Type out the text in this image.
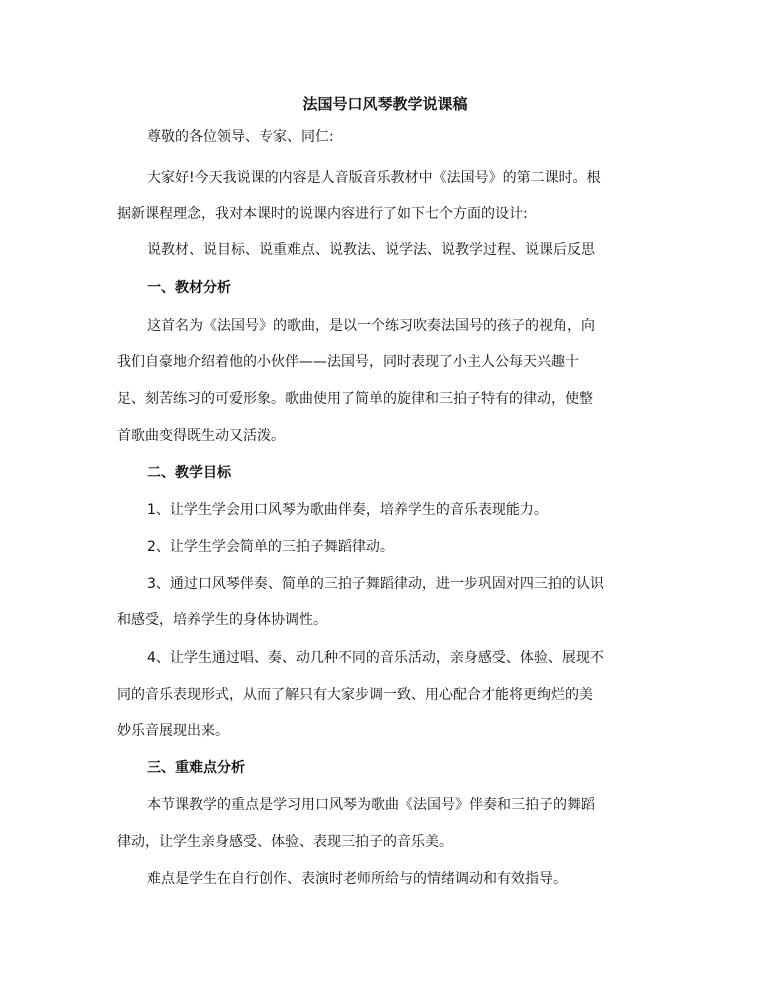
法国号口风琴教学说课稿
尊敬的各位领导、专家、同仁:
大家好!今天我说课的内容是人音版音乐教材中《法国号》的第二课时。根
据新课程理念，我对本课时的说课内容进行了如下七个方面的设计:
说教材、说目标、说重难点、说教法、说学法、说教学过程、说课后反思
一、教材分析
这首名为《法国号》的歌曲，是以一个练习吹奏法国号的孩子的视角，向
我们自豪地介绍着他的小伙伴——法国号，同时表现了小主人公每天兴趣十
足、刻苦练习的可爱形象。歌曲使用了简单的旋律和三拍子特有的律动，使整
首歌曲变得既生动又活泼。
二、教学目标
1、让学生学会用口风琴为歌曲伴奏，培养学生的音乐表现能力。
2、让学生学会简单的三拍子舞蹈律动。
3、通过口风琴伴奏、简单的三拍子舞蹈律动，进一步巩固对四三拍的认识
和感受，培养学生的身体协调性。
4、让学生通过唱、奏、动几种不同的音乐活动，亲身感受、体验、展现不
同的音乐表现形式，从而了解只有大家步调一致、用心配合才能将更绚烂的美
妙乐音展现出来。
三、重难点分析
本节课教学的重点是学习用口风琴为歌曲《法国号》伴奏和三拍子的舞蹈
律动，让学生亲身感受、体验、表现三拍子的音乐美。
难点是学生在自行创作、表演时老师所给与的情绪调动和有效指导。
